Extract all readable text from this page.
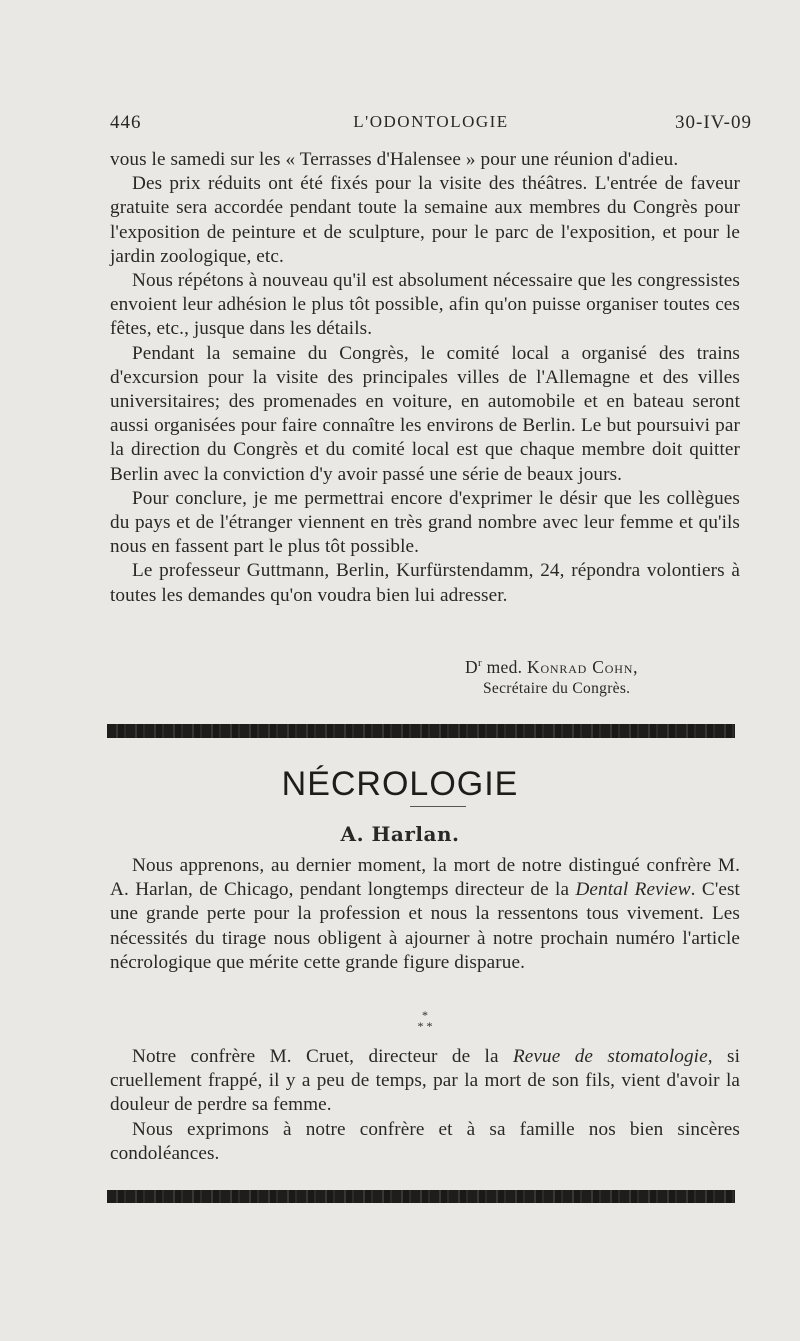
446	L'ODONTOLOGIE	30-IV-09

vous le samedi sur les « Terrasses d'Halensee » pour une réunion d'adieu.

Des prix réduits ont été fixés pour la visite des théâtres. L'entrée de faveur gratuite sera accordée pendant toute la semaine aux membres du Congrès pour l'exposition de peinture et de sculpture, pour le parc de l'exposition, et pour le jardin zoologique, etc.

Nous répétons à nouveau qu'il est absolument nécessaire que les congressistes envoient leur adhésion le plus tôt possible, afin qu'on puisse organiser toutes ces fêtes, etc., jusque dans les détails.

Pendant la semaine du Congrès, le comité local a organisé des trains d'excursion pour la visite des principales villes de l'Allemagne et des villes universitaires; des promenades en voiture, en automobile et en bateau seront aussi organisées pour faire connaître les environs de Berlin. Le but poursuivi par la direction du Congrès et du comité local est que chaque membre doit quitter Berlin avec la conviction d'y avoir passé une série de beaux jours.

Pour conclure, je me permettrai encore d'exprimer le désir que les collègues du pays et de l'étranger viennent en très grand nombre avec leur femme et qu'ils nous en fassent part le plus tôt possible.

Le professeur Guttmann, Berlin, Kurfürstendamm, 24, répondra volontiers à toutes les demandes qu'on voudra bien lui adresser.

$D^r$ med. Konrad Cohn,
Secrétaire du Congrès.
NÉCROLOGIE
A. Harlan.

Nous apprenons, au dernier moment, la mort de notre distingué confrère M. A. Harlan, de Chicago, pendant longtemps directeur de la Dental Review. C'est une grande perte pour la profession et nous la ressentons tous vivement. Les nécessités du tirage nous obligent à ajourner à notre prochain numéro l'article nécrologique que mérite cette grande figure disparue.

*
* *

Notre confrère M. Cruet, directeur de la Revue de stomatologie, si cruellement frappé, il y a peu de temps, par la mort de son fils, vient d'avoir la douleur de perdre sa femme.

Nous exprimons à notre confrère et à sa famille nos bien sincères condoléances.
